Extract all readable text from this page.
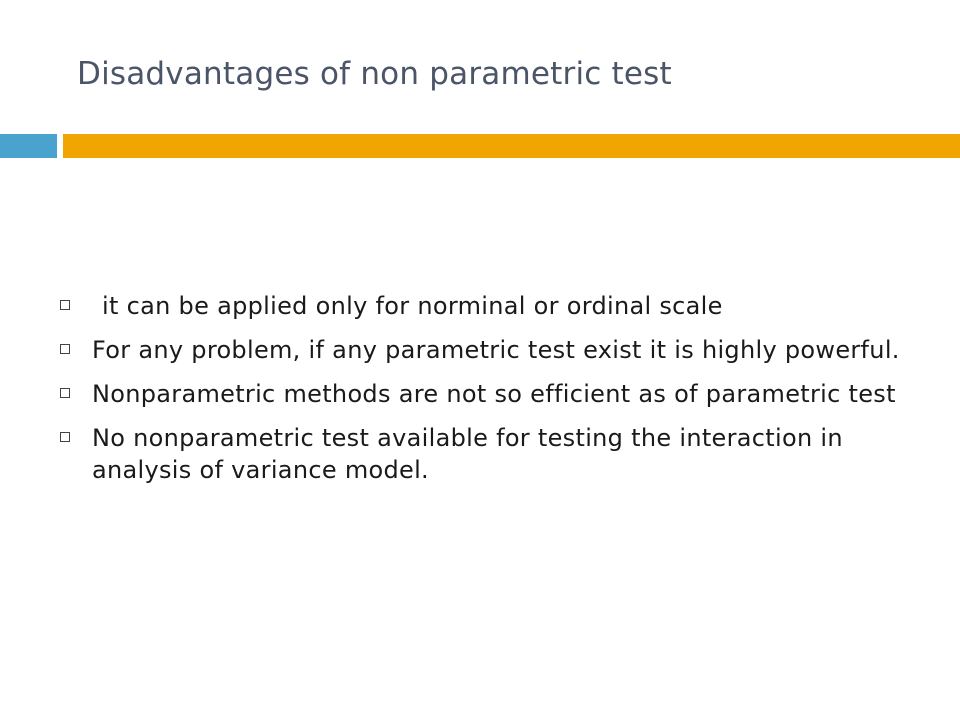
Disadvantages of non parametric test
it can be applied only for norminal or ordinal scale
For any problem, if any parametric test exist it is highly powerful.
Nonparametric methods are not so efficient as of parametric test
No nonparametric test available for testing the interaction in analysis of variance model.
